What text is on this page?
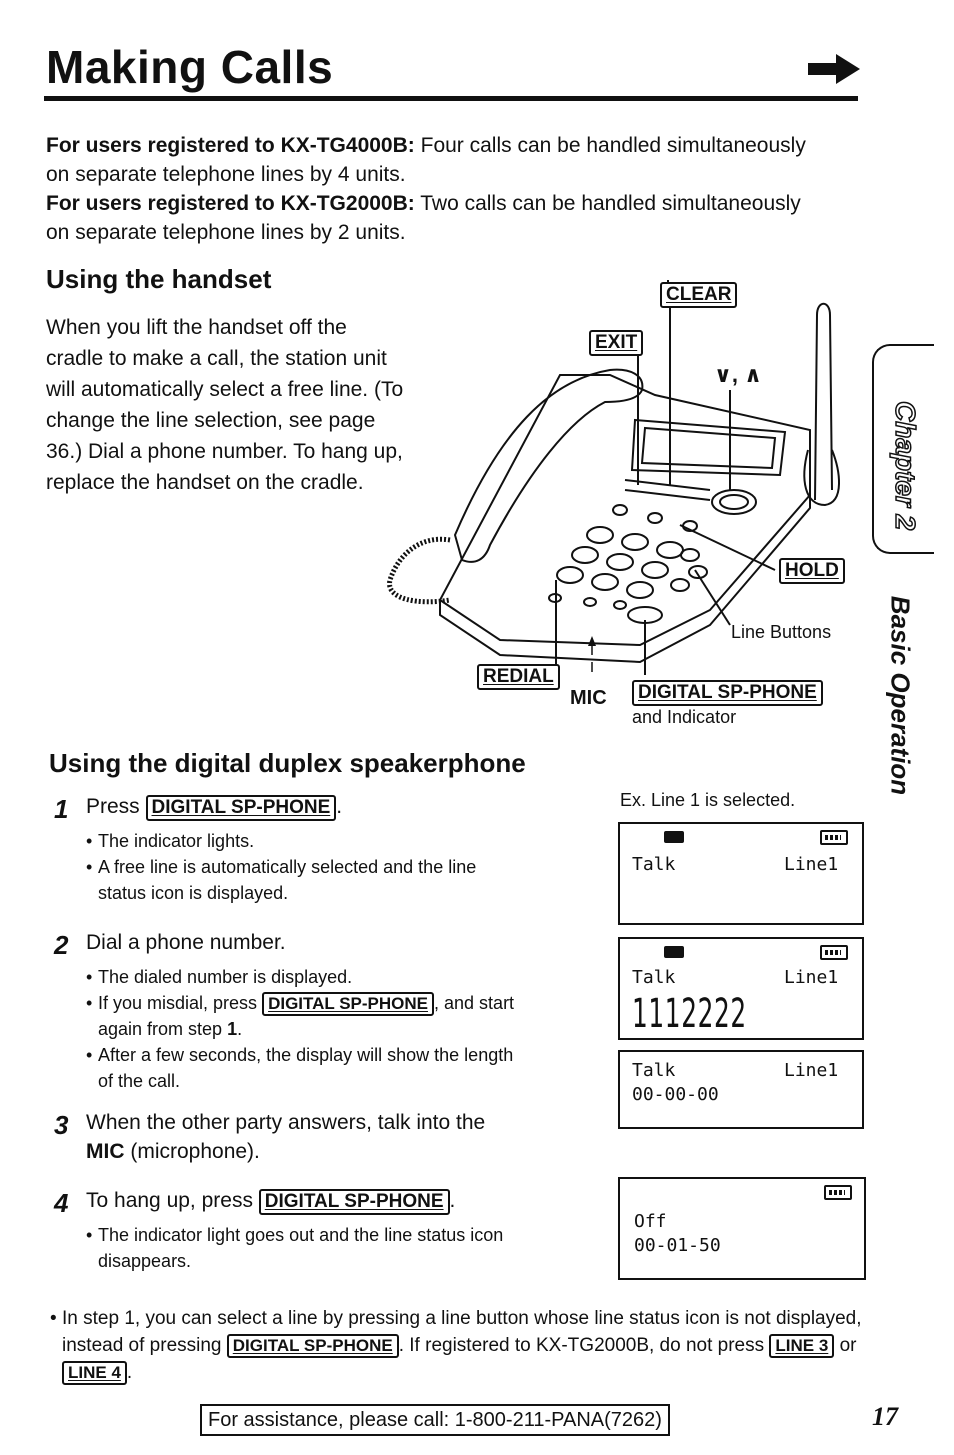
Making Calls
For users registered to KX-TG4000B: Four calls can be handled simultaneously on separate telephone lines by 4 units.
For users registered to KX-TG2000B: Two calls can be handled simultaneously on separate telephone lines by 2 units.
Using the handset
When you lift the handset off the cradle to make a call, the station unit will automatically select a free line. (To change the line selection, see page 36.) Dial a phone number. To hang up, replace the handset on the cradle.
CLEAR
EXIT
∨, ∧
HOLD
Line Buttons
REDIAL
MIC	DIGITAL SP-PHONE
and Indicator
Chapter 2
Basic Operation
Using the digital duplex speakerphone
1 Press DIGITAL SP-PHONE .
• The indicator lights.
• A free line is automatically selected and the line status icon is displayed.
2 Dial a phone number.
• The dialed number is displayed.
• If you misdial, press DIGITAL SP-PHONE , and start again from step 1.
• After a few seconds, the display will show the length of the call.
3 When the other party answers, talk into the MIC (microphone).
4 To hang up, press DIGITAL SP-PHONE .
• The indicator light goes out and the line status icon disappears.
Ex. Line 1 is selected.
Talk	Line1
Talk	Line1
1112222
Talk	Line1
00-00-00
Off
00-01-50
• In step 1, you can select a line by pressing a line button whose line status icon is not displayed, instead of pressing DIGITAL SP-PHONE . If registered to KX-TG2000B, do not press LINE 3 or LINE 4 .
For assistance, please call: 1-800-211-PANA(7262)	17
